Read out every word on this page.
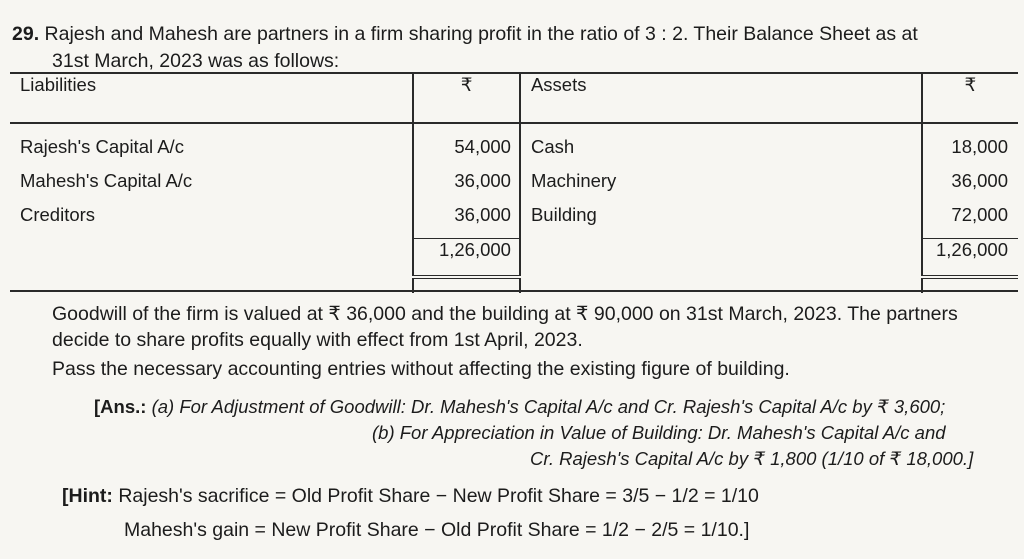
29. Rajesh and Mahesh are partners in a firm sharing profit in the ratio of 3 : 2. Their Balance Sheet as at
31st March, 2023 was as follows:
Liabilities	₹	Assets	₹
Rajesh's Capital A/c	54,000	Cash	18,000
Mahesh's Capital A/c	36,000	Machinery	36,000
Creditors	36,000	Building	72,000
	1,26,000		1,26,000

Goodwill of the firm is valued at ₹ 36,000 and the building at ₹ 90,000 on 31st March, 2023. The partners
decide to share profits equally with effect from 1st April, 2023.
Pass the necessary accounting entries without affecting the existing figure of building.
[Ans.: (a) For Adjustment of Goodwill: Dr. Mahesh's Capital A/c and Cr. Rajesh's Capital A/c by ₹ 3,600;
(b) For Appreciation in Value of Building: Dr. Mahesh's Capital A/c and
Cr. Rajesh's Capital A/c by ₹ 1,800 (1/10 of ₹ 18,000.]
[Hint: Rajesh's sacrifice = Old Profit Share − New Profit Share = 3/5 − 1/2 = 1/10
Mahesh's gain = New Profit Share − Old Profit Share = 1/2 − 2/5 = 1/10.]
